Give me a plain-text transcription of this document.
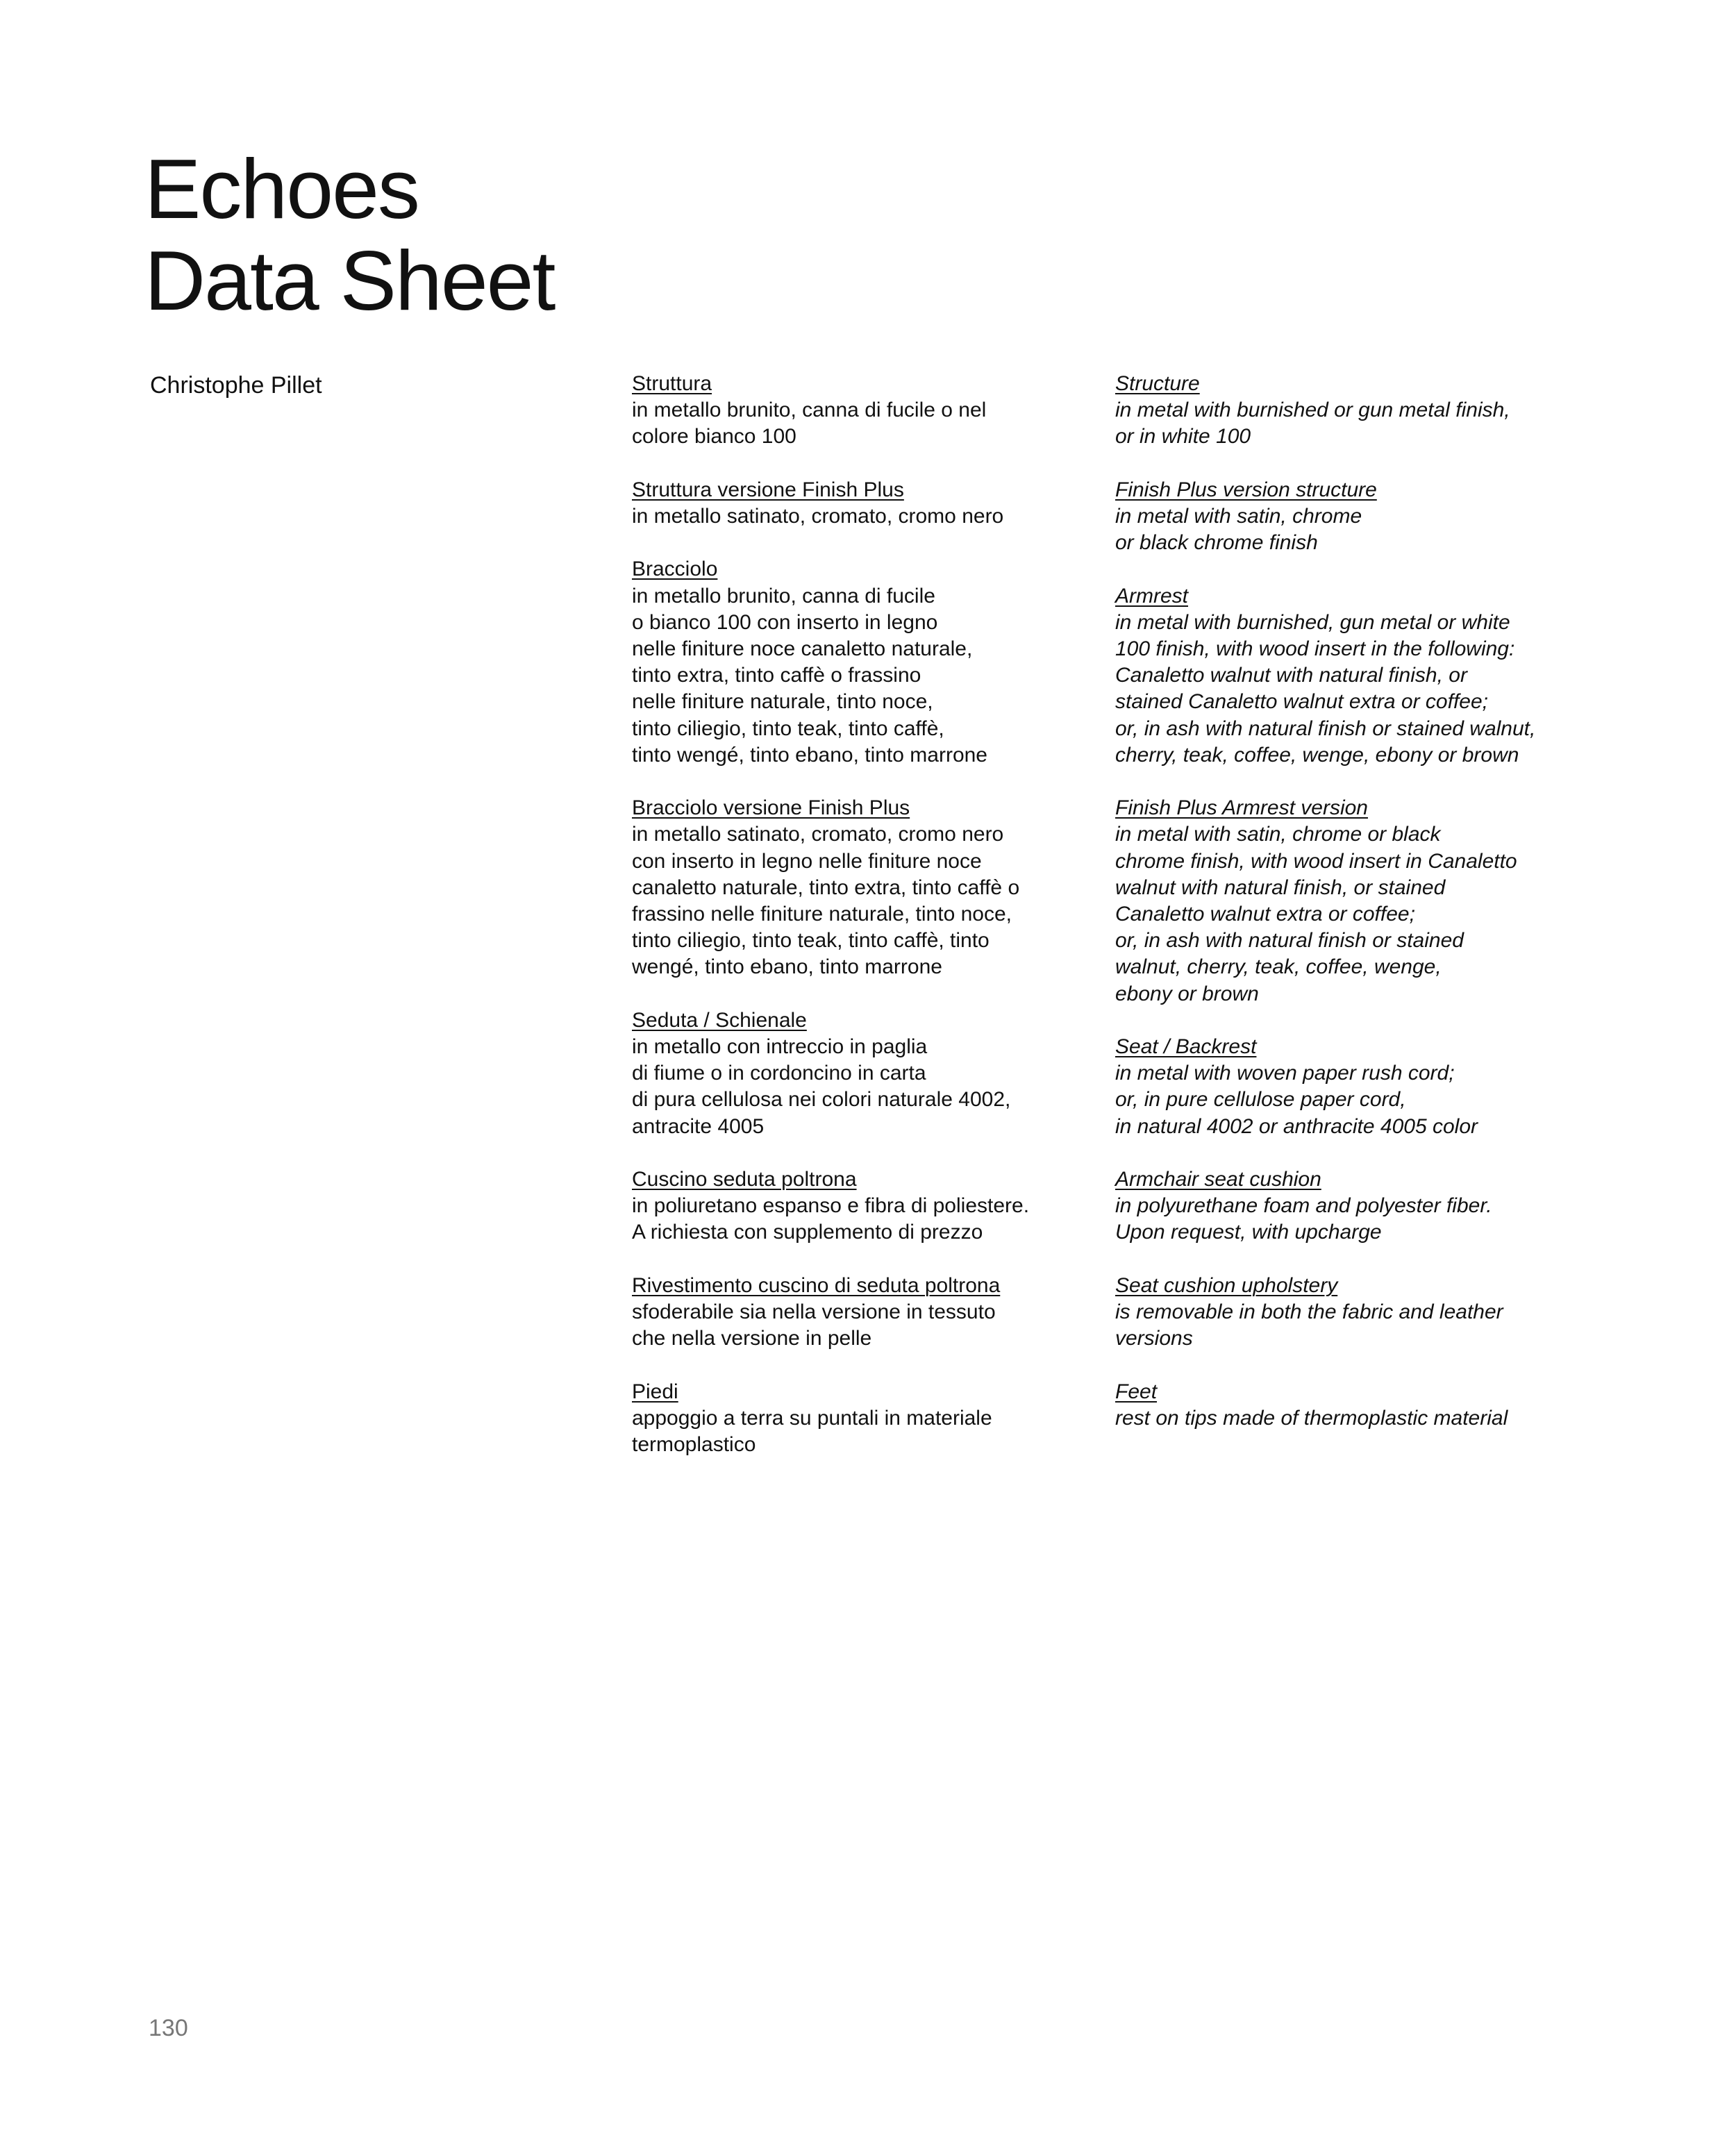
Echoes
Data Sheet

Christophe Pillet	Struttura
in metallo brunito, canna di fucile o nel
colore bianco 100
Struttura versione Finish Plus
in metallo satinato, cromato, cromo nero
Bracciolo
in metallo brunito, canna di fucile
o bianco 100 con inserto in legno
nelle finiture noce canaletto naturale,
tinto extra, tinto caffè o frassino
nelle finiture naturale, tinto noce,
tinto ciliegio, tinto teak, tinto caffè,
tinto wengé, tinto ebano, tinto marrone
Bracciolo versione Finish Plus
in metallo satinato, cromato, cromo nero
con inserto in legno nelle finiture noce
canaletto naturale, tinto extra, tinto caffè o
frassino nelle finiture naturale, tinto noce,
tinto ciliegio, tinto teak, tinto caffè, tinto
wengé, tinto ebano, tinto marrone
Seduta / Schienale
in metallo con intreccio in paglia
di fiume o in cordoncino in carta
di pura cellulosa nei colori naturale 4002,
antracite 4005
Cuscino seduta poltrona
in poliuretano espanso e fibra di poliestere.
A richiesta con supplemento di prezzo
Rivestimento cuscino di seduta poltrona
sfoderabile sia nella versione in tessuto
che nella versione in pelle
Piedi
appoggio a terra su puntali in materiale
termoplastico
Structure
in metal with burnished or gun metal finish,
or in white 100
Finish Plus version structure
in metal with satin, chrome
or black chrome finish
Armrest
in metal with burnished, gun metal or white
100 finish, with wood insert in the following:
Canaletto walnut with natural finish, or
stained Canaletto walnut extra or coffee;
or, in ash with natural finish or stained walnut,
cherry, teak, coffee, wenge, ebony or brown
Finish Plus Armrest version
in metal with satin, chrome or black
chrome finish, with wood insert in Canaletto
walnut with natural finish, or stained
Canaletto walnut extra or coffee;
or, in ash with natural finish or stained
walnut, cherry, teak, coffee, wenge,
ebony or brown
Seat / Backrest
in metal with woven paper rush cord;
or, in pure cellulose paper cord,
in natural 4002 or anthracite 4005 color
Armchair seat cushion
in polyurethane foam and polyester fiber.
Upon request, with upcharge
Seat cushion upholstery
is removable in both the fabric and leather
versions
Feet
rest on tips made of thermoplastic material
130
